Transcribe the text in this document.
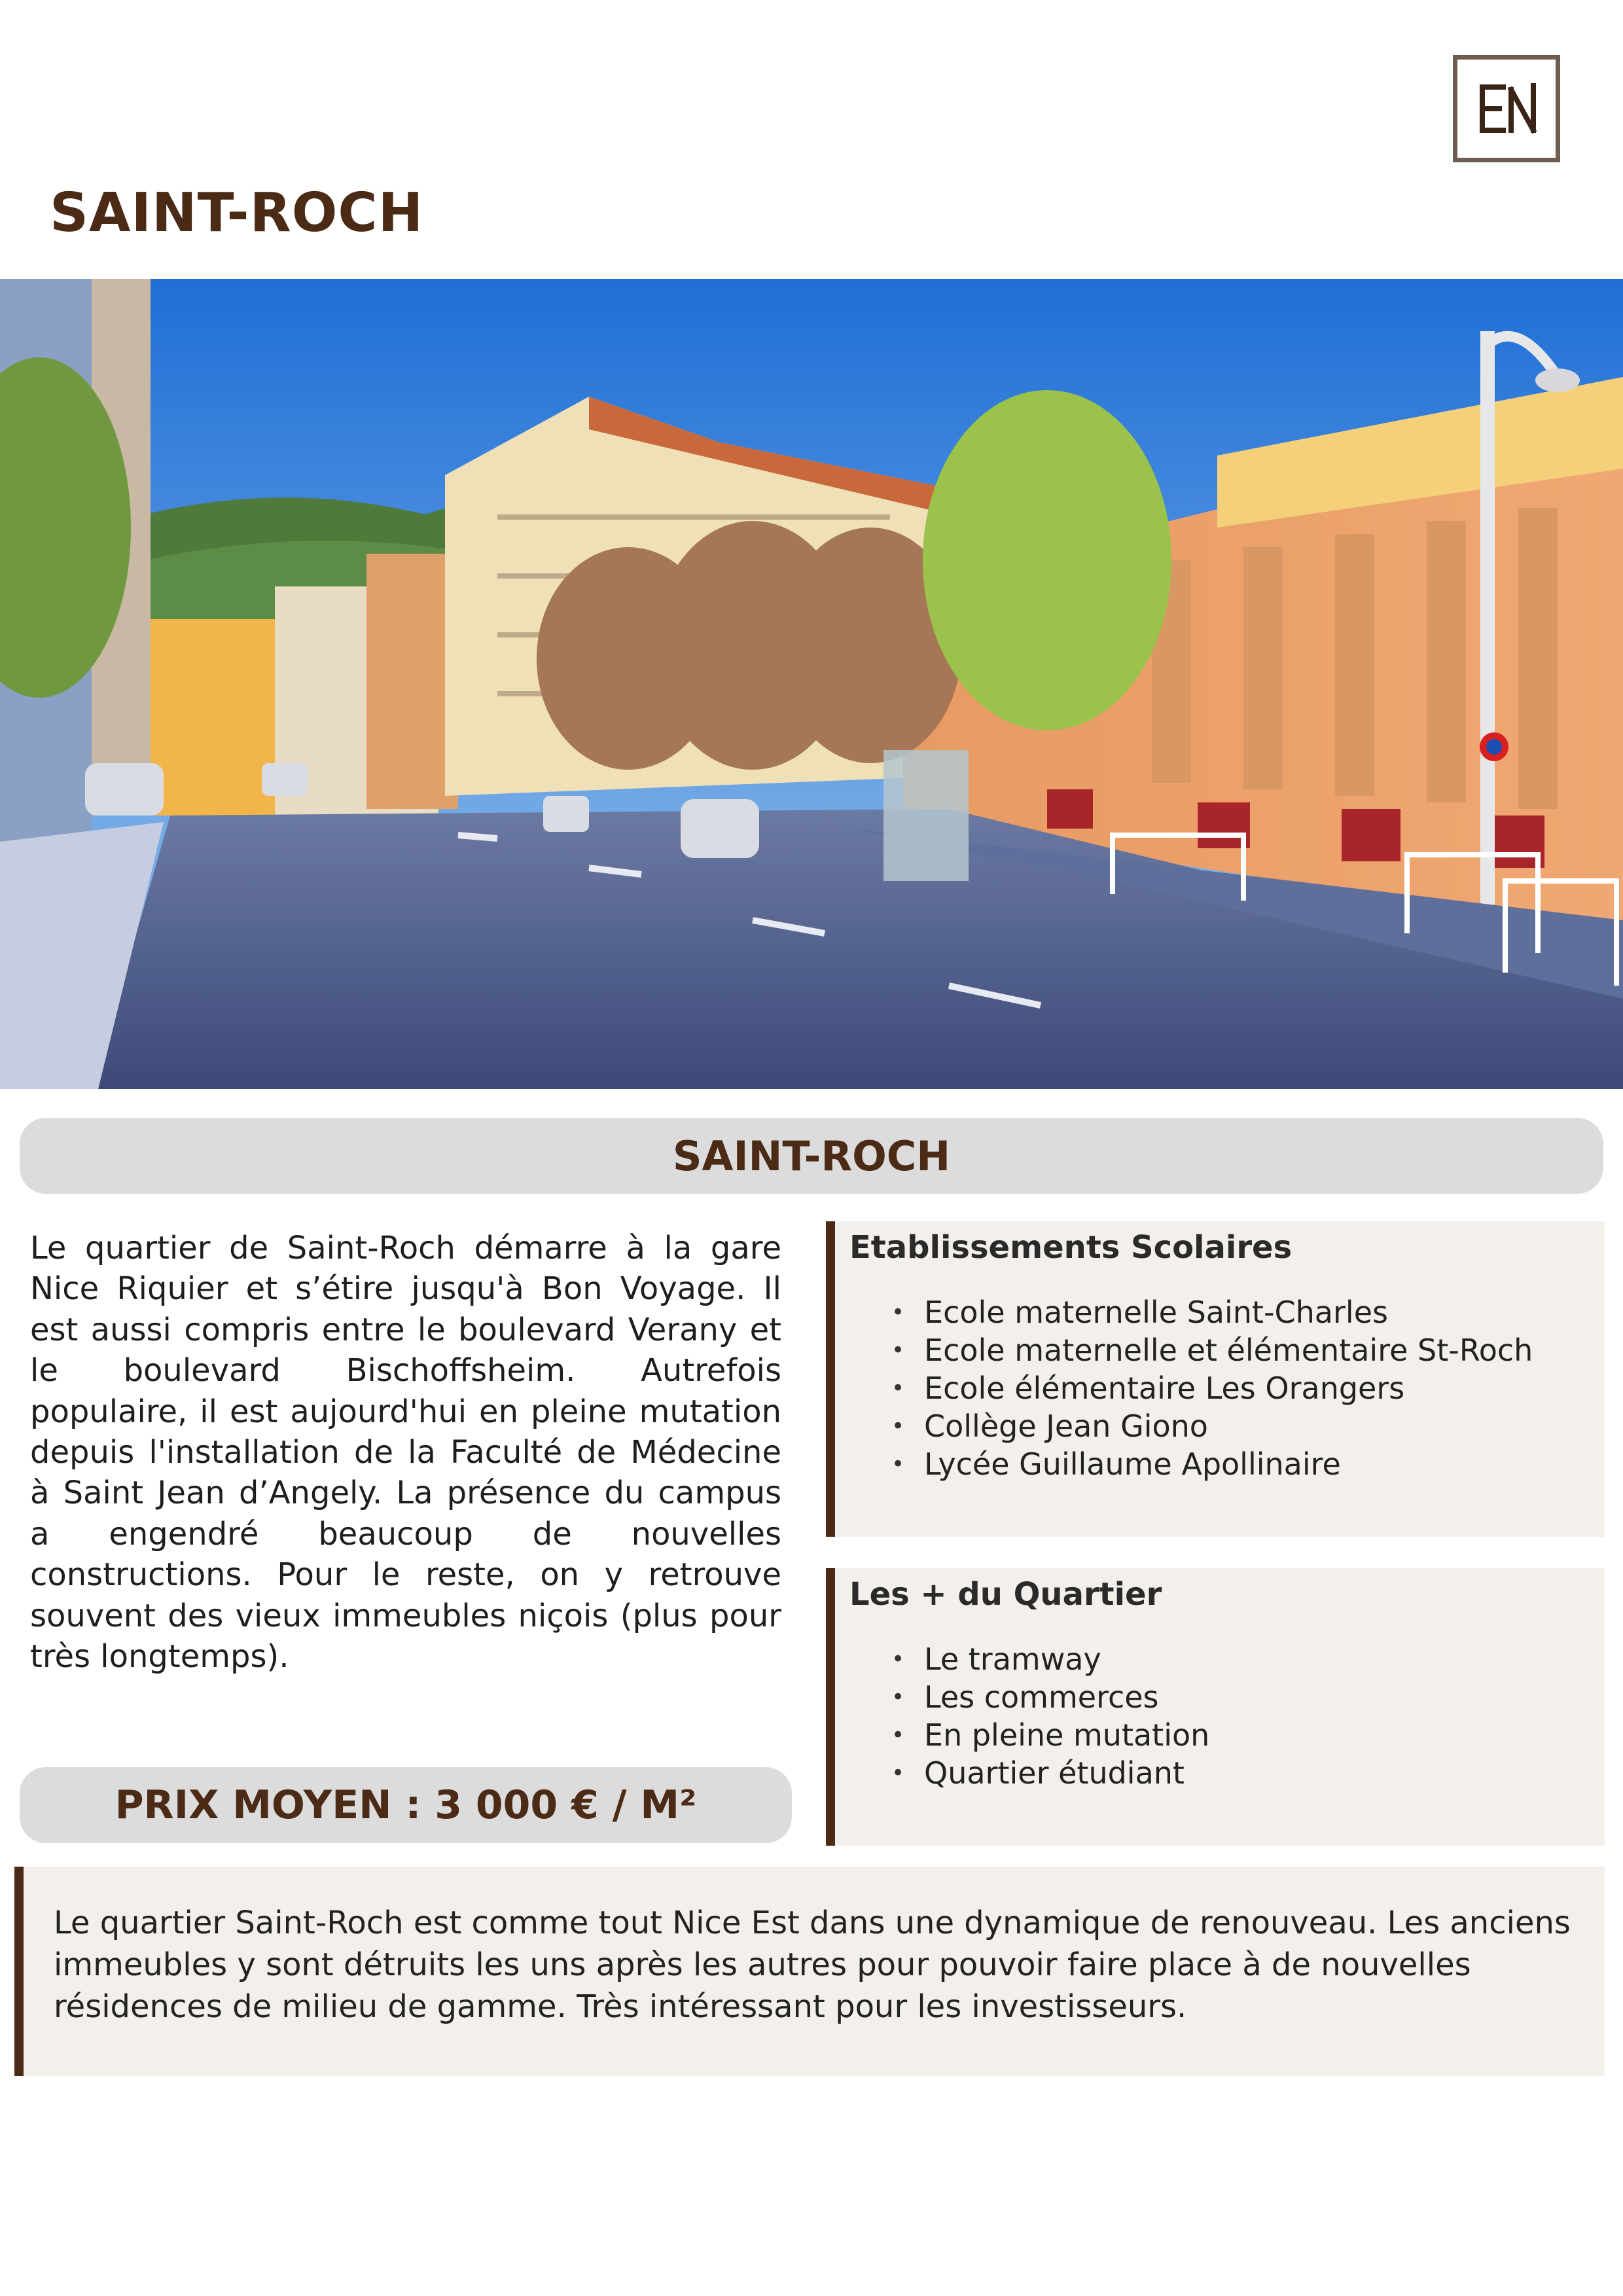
SAINT-ROCH
SAINT-ROCH

Le quartier de Saint-Roch démarre à la gare Nice Riquier et s’étire jusqu'à Bon Voyage. Il est aussi compris entre le boulevard Verany et le boulevard Bischoffsheim. Autrefois populaire, il est aujourd'hui en pleine mutation depuis l'installation de la Faculté de Médecine à Saint Jean d’Angely. La présence du campus a engendré beaucoup de nouvelles constructions. Pour le reste, on y retrouve souvent des vieux immeubles niçois (plus pour très longtemps).

PRIX MOYEN : 3 000 € / M²
Etablissements Scolaires
• Ecole maternelle Saint-Charles
• Ecole maternelle et élémentaire St-Roch
• Ecole élémentaire Les Orangers
• Collège Jean Giono
• Lycée Guillaume Apollinaire
Les + du Quartier
• Le tramway
• Les commerces
• En pleine mutation
• Quartier étudiant

Le quartier Saint-Roch est comme tout Nice Est dans une dynamique de renouveau. Les anciens immeubles y sont détruits les uns après les autres pour pouvoir faire place à de nouvelles résidences de milieu de gamme. Très intéressant pour les investisseurs.
